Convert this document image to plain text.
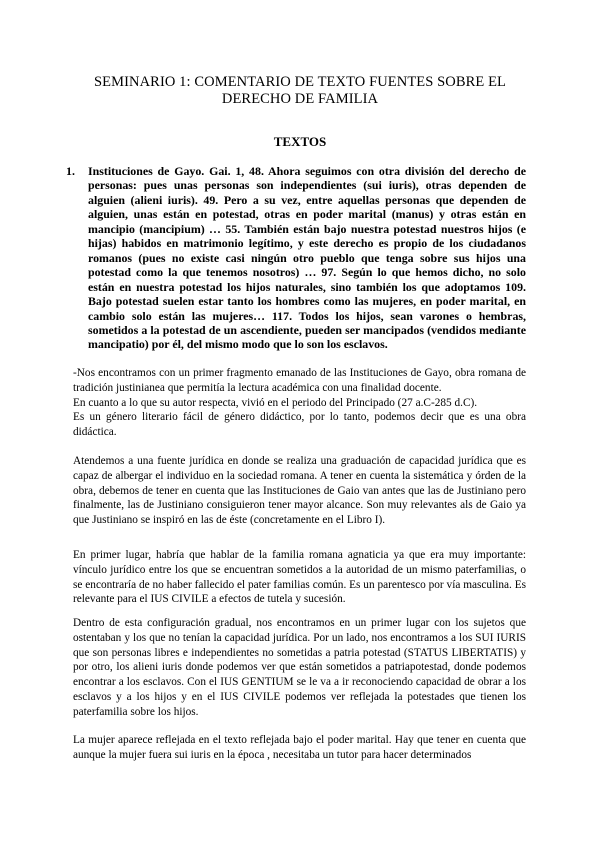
SEMINARIO 1: COMENTARIO DE TEXTO FUENTES SOBRE EL DERECHO DE FAMILIA
TEXTOS
1. Instituciones de Gayo. Gai. 1, 48. Ahora seguimos con otra división del derecho de personas: pues unas personas son independientes (sui iuris), otras dependen de alguien (alieni iuris). 49. Pero a su vez, entre aquellas personas que dependen de alguien, unas están en potestad, otras en poder marital (manus) y otras están en mancipio (mancipium) … 55. También están bajo nuestra potestad nuestros hijos (e hijas) habidos en matrimonio legítimo, y este derecho es propio de los ciudadanos romanos (pues no existe casi ningún otro pueblo que tenga sobre sus hijos una potestad como la que tenemos nosotros) … 97. Según lo que hemos dicho, no solo están en nuestra potestad los hijos naturales, sino también los que adoptamos 109. Bajo potestad suelen estar tanto los hombres como las mujeres, en poder marital, en cambio solo están las mujeres… 117. Todos los hijos, sean varones o hembras, sometidos a la potestad de un ascendiente, pueden ser mancipados (vendidos mediante mancipatio) por él, del mismo modo que lo son los esclavos.

-Nos encontramos con un primer fragmento emanado de las Instituciones de Gayo, obra romana de tradición justinianea que permitía la lectura académica con una finalidad docente.
En cuanto a lo que su autor respecta, vivió en el periodo del Principado (27 a.C-285 d.C).
Es un género literario fácil de género didáctico, por lo tanto, podemos decir que es una obra didáctica.

Atendemos a una fuente jurídica en donde se realiza una graduación de capacidad jurídica que es capaz de albergar el individuo en la sociedad romana. A tener en cuenta la sistemática y órden de la obra, debemos de tener en cuenta que las Instituciones de Gaio van antes que las de Justiniano pero finalmente, las de Justiniano consiguieron tener mayor alcance. Son muy relevantes als de Gaio ya que Justiniano se inspiró en las de éste (concretamente en el Libro I).

En primer lugar, habría que hablar de la familia romana agnaticia ya que era muy importante: vínculo jurídico entre los que se encuentran sometidos a la autoridad de un mismo paterfamilias, o se encontraría de no haber fallecido el pater familias común. Es un parentesco por vía masculina. Es relevante para el IUS CIVILE a efectos de tutela y sucesión.

Dentro de esta configuración gradual, nos encontramos en un primer lugar con los sujetos que ostentaban y los que no tenían la capacidad jurídica. Por un lado, nos encontramos a los SUI IURIS que son personas libres e independientes no sometidas a patria potestad (STATUS LIBERTATIS) y por otro, los alieni iuris donde podemos ver que están sometidos a patriapotestad, donde podemos encontrar a los esclavos. Con el IUS GENTIUM se le va a ir reconociendo capacidad de obrar a los esclavos y a los hijos y en el IUS CIVILE podemos ver reflejada la potestades que tienen los paterfamilia sobre los hijos.

La mujer aparece reflejada en el texto reflejada bajo el poder marital. Hay que tener en cuenta que aunque la mujer fuera sui iuris en la época , necesitaba un tutor para hacer determinados
